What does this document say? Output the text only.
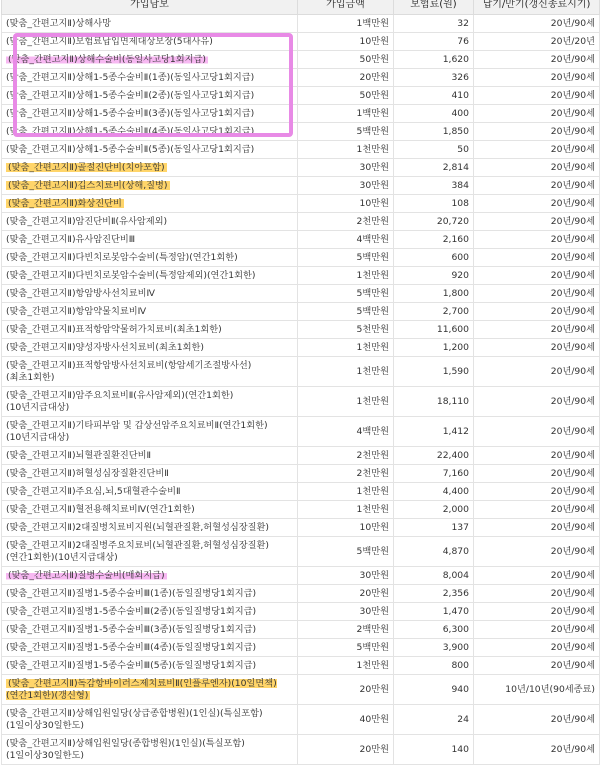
가입담보	가입금액	보험료(원)	납기/만기(갱신종료시기)
(맞춤_간편고지Ⅱ)상해사망	1백만원	32	20년/90세
(맞춤_간편고지Ⅱ)보험료납입면제대상보장(5대사유)	10만원	76	20년/20년
(맞춤_간편고지Ⅱ)상해수술비(동일사고당1회지급)	50만원	1,620	20년/90세
(맞춤_간편고지Ⅱ)상해1-5종수술비Ⅱ(1종)(동일사고당1회지급)	20만원	326	20년/90세
(맞춤_간편고지Ⅱ)상해1-5종수술비Ⅱ(2종)(동일사고당1회지급)	50만원	410	20년/90세
(맞춤_간편고지Ⅱ)상해1-5종수술비Ⅱ(3종)(동일사고당1회지급)	1백만원	400	20년/90세
(맞춤_간편고지Ⅱ)상해1-5종수술비Ⅱ(4종)(동일사고당1회지급)	5백만원	1,850	20년/90세
(맞춤_간편고지Ⅱ)상해1-5종수술비Ⅱ(5종)(동일사고당1회지급)	1천만원	50	20년/90세
(맞춤_간편고지Ⅱ)골절진단비(치아포함)	30만원	2,814	20년/90세
(맞춤_간편고지Ⅱ)깁스치료비(상해,질병)	30만원	384	20년/90세
(맞춤_간편고지Ⅱ)화상진단비	10만원	108	20년/90세
(맞춤_간편고지Ⅱ)암진단비Ⅱ(유사암제외)	2천만원	20,720	20년/90세
(맞춤_간편고지Ⅱ)유사암진단비Ⅲ	4백만원	2,160	20년/90세
(맞춤_간편고지Ⅱ)다빈치로봇암수술비(특정암)(연간1회한)	5백만원	600	20년/90세
(맞춤_간편고지Ⅱ)다빈치로봇암수술비(특정암제외)(연간1회한)	1천만원	920	20년/90세
(맞춤_간편고지Ⅱ)항암방사선치료비Ⅳ	5백만원	1,800	20년/90세
(맞춤_간편고지Ⅱ)항암약물치료비Ⅳ	5백만원	2,700	20년/90세
(맞춤_간편고지Ⅱ)표적항암약물허가치료비(최초1회한)	5천만원	11,600	20년/90세
(맞춤_간편고지Ⅱ)양성자방사선치료비(최초1회한)	1천만원	1,200	20년/90세
(맞춤_간편고지Ⅱ)표적항암방사선치료비(항암세기조절방사선)(최초1회한)	1천만원	1,590	20년/90세
(맞춤_간편고지Ⅱ)암주요치료비Ⅱ(유사암제외)(연간1회한)(10년지급대상)	1천만원	18,110	20년/90세
(맞춤_간편고지Ⅱ)기타피부암 및 갑상선암주요치료비Ⅱ(연간1회한)(10년지급대상)	4백만원	1,412	20년/90세
(맞춤_간편고지Ⅱ)뇌혈관질환진단비Ⅱ	2천만원	22,400	20년/90세
(맞춤_간편고지Ⅱ)허혈성심장질환진단비Ⅱ	2천만원	7,160	20년/90세
(맞춤_간편고지Ⅱ)주요심,뇌,5대혈관수술비Ⅱ	1천만원	4,400	20년/90세
(맞춤_간편고지Ⅱ)혈전용해치료비Ⅳ(연간1회한)	1천만원	2,000	20년/90세
(맞춤_간편고지Ⅱ)2대질병치료비지원(뇌혈관질환,허혈성심장질환)	10만원	137	20년/90세
(맞춤_간편고지Ⅱ)2대질병주요치료비(뇌혈관질환,허혈성심장질환)(연간1회한)(10년지급대상)	5백만원	4,870	20년/90세
(맞춤_간편고지Ⅱ)질병수술비(매회지급)	30만원	8,004	20년/90세
(맞춤_간편고지Ⅱ)질병1-5종수술비Ⅲ(1종)(동일질병당1회지급)	20만원	2,356	20년/90세
(맞춤_간편고지Ⅱ)질병1-5종수술비Ⅲ(2종)(동일질병당1회지급)	30만원	1,470	20년/90세
(맞춤_간편고지Ⅱ)질병1-5종수술비Ⅲ(3종)(동일질병당1회지급)	2백만원	6,300	20년/90세
(맞춤_간편고지Ⅱ)질병1-5종수술비Ⅲ(4종)(동일질병당1회지급)	5백만원	3,900	20년/90세
(맞춤_간편고지Ⅱ)질병1-5종수술비Ⅲ(5종)(동일질병당1회지급)	1천만원	800	20년/90세
(맞춤_간편고지Ⅱ)독감항바이러스제치료비Ⅱ(인플루엔자)(10일면책)(연간1회한)(갱신형)	20만원	940	10년/10년(90세종료)
(맞춤_간편고지Ⅱ)상해입원일당(상급종합병원)(1인실)(특실포함)(1일이상30일한도)	40만원	24	20년/90세
(맞춤_간편고지Ⅱ)상해입원일당(종합병원)(1인실)(특실포함)(1일이상30일한도)	20만원	140	20년/90세
